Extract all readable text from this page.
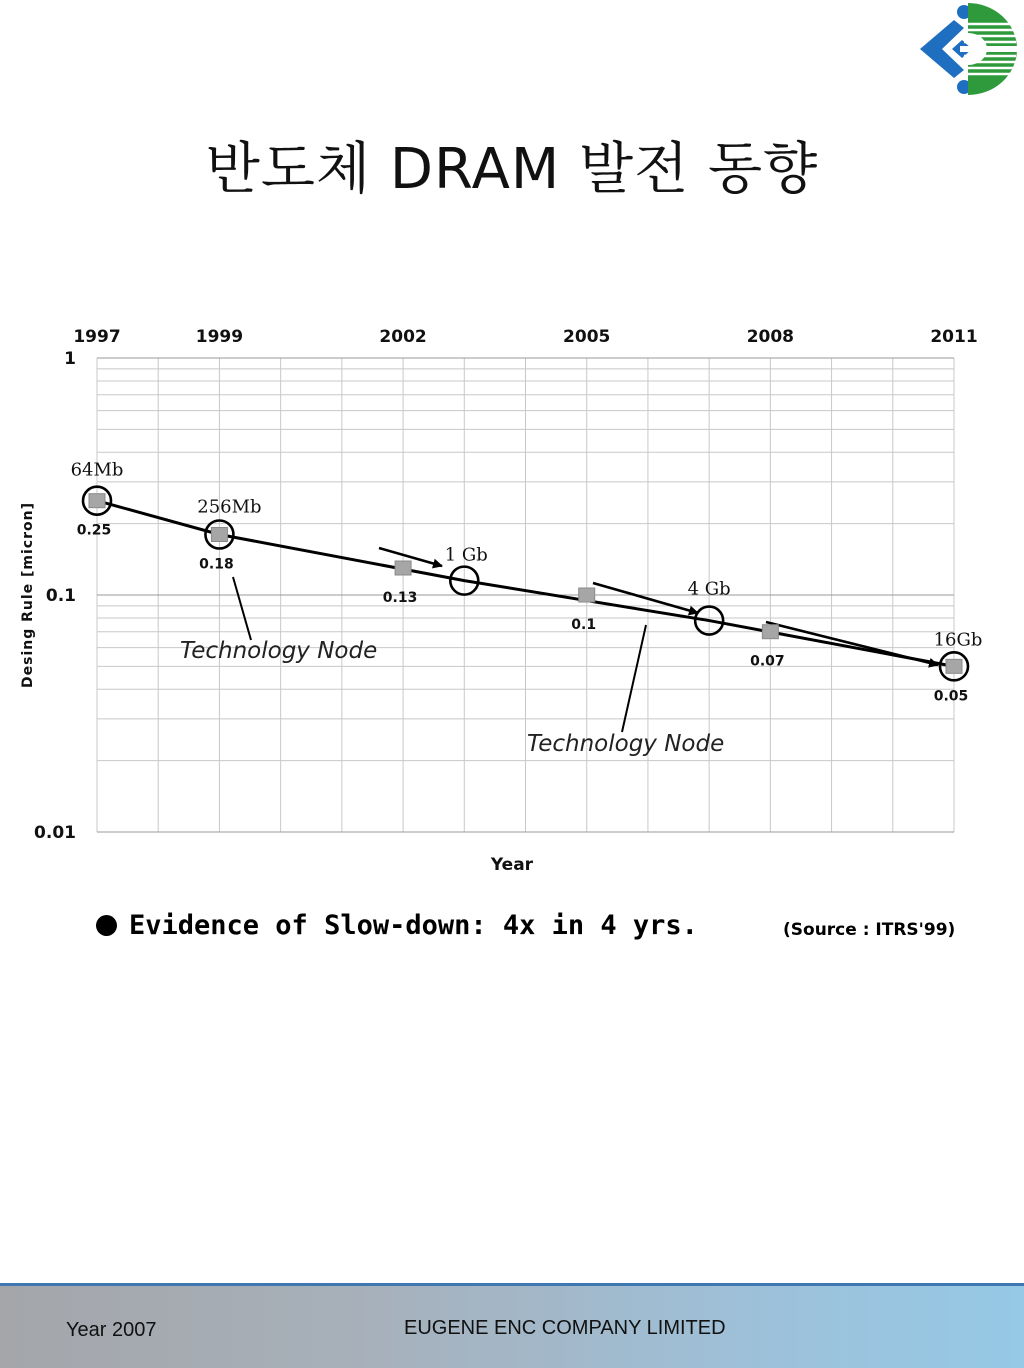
반도체 DRAM 발전 동향
Year
Desing Rule [micron]
1997	1999	2002	2005	2008	2011
1
0.1
0.01
0.25
0.18
0.13
0.1
0.07
0.05
64Mb
256Mb
1 Gb
4 Gb
16Gb
Technology Node
Technology Node
Evidence of Slow-down: 4x in 4 yrs.	(Source : ITRS'99)
Year 2007	EUGENE ENC COMPANY LIMITED
